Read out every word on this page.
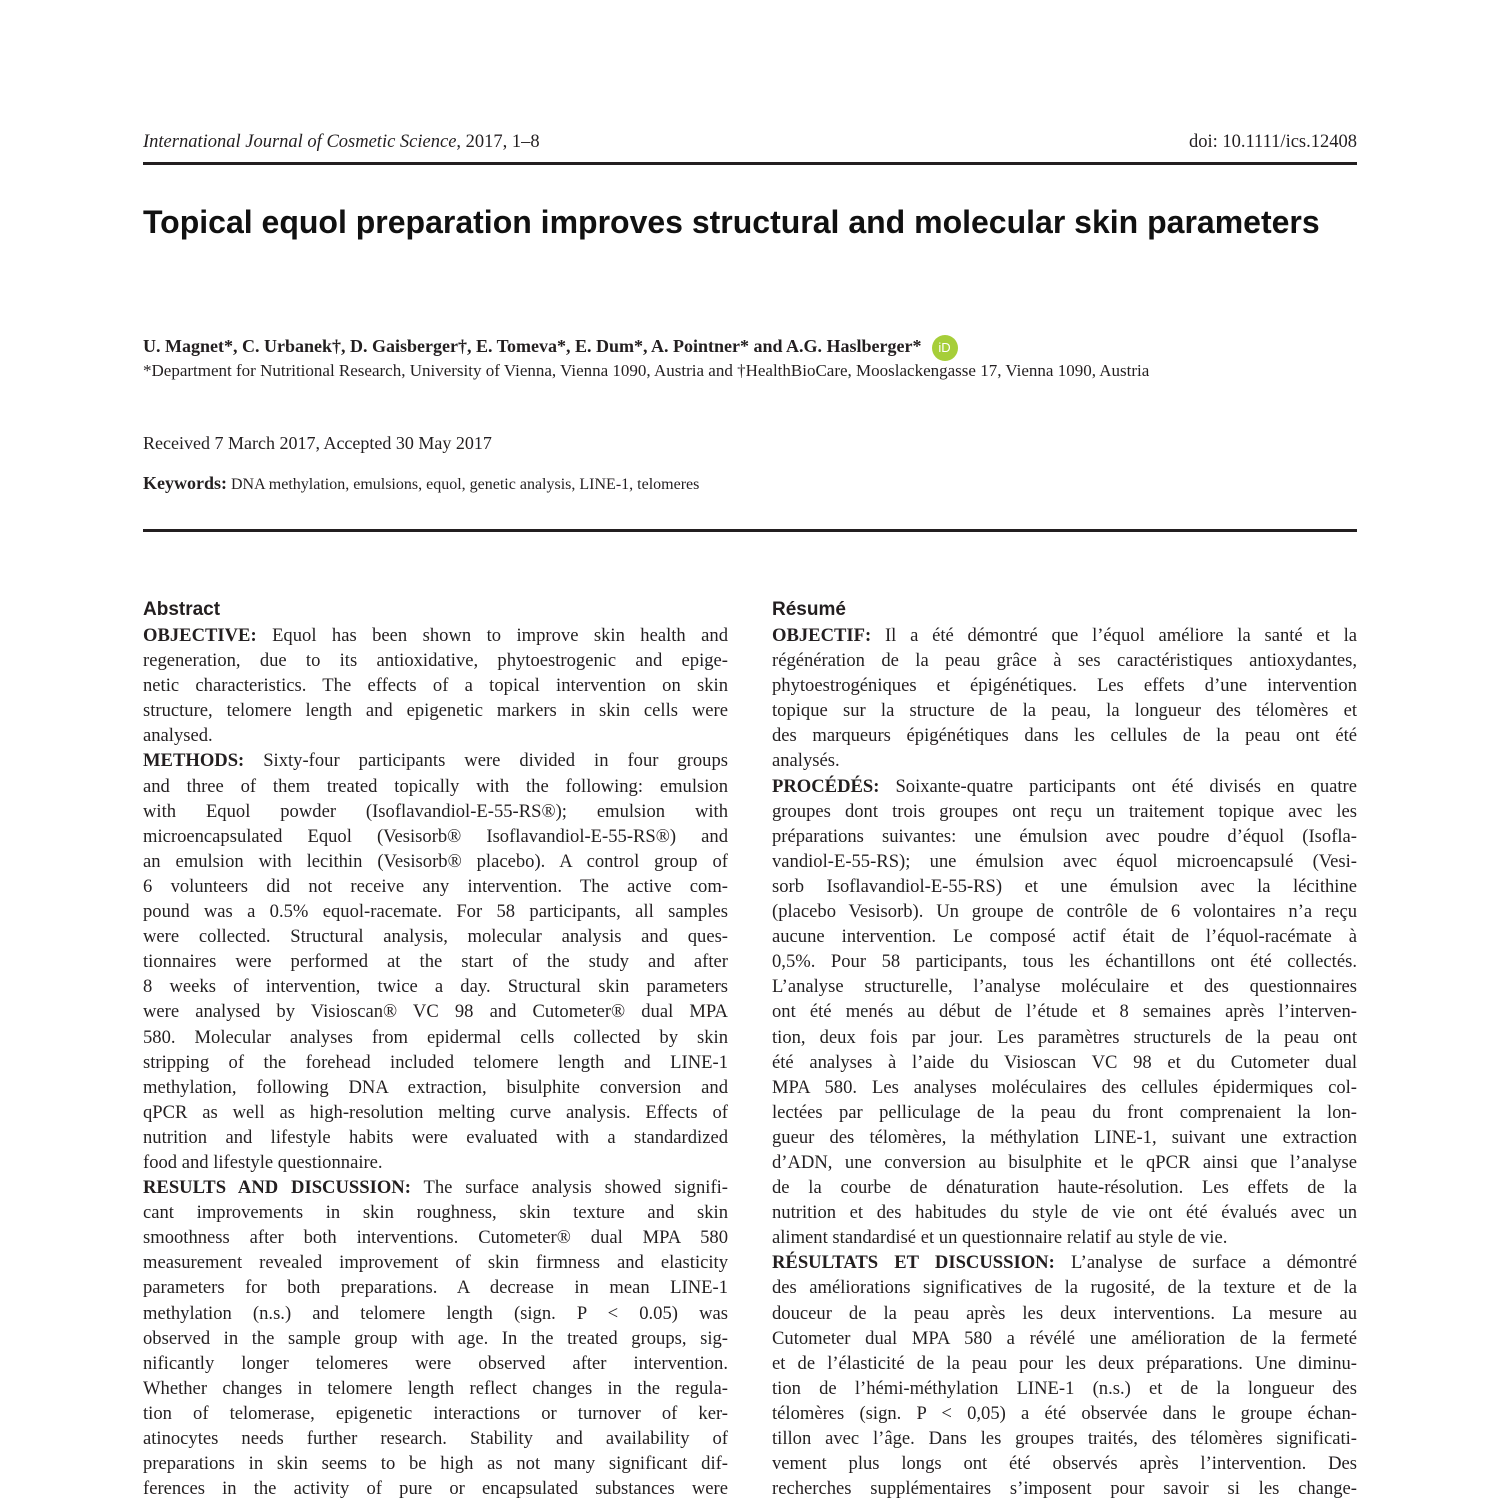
International Journal of Cosmetic Science, 2017, 1–8	doi: 10.1111/ics.12408
Topical equol preparation improves structural and molecular skin parameters
U. Magnet*, C. Urbanek†, D. Gaisberger†, E. Tomeva*, E. Dum*, A. Pointner* and A.G. Haslberger* iD
*Department for Nutritional Research, University of Vienna, Vienna 1090, Austria and †HealthBioCare, Mooslackengasse 17, Vienna 1090, Austria
Received 7 March 2017, Accepted 30 May 2017
Keywords: DNA methylation, emulsions, equol, genetic analysis, LINE-1, telomeres
Abstract
OBJECTIVE: Equol has been shown to improve skin health and
regeneration, due to its antioxidative, phytoestrogenic and epige-
netic characteristics. The effects of a topical intervention on skin
structure, telomere length and epigenetic markers in skin cells were
analysed.
METHODS: Sixty-four participants were divided in four groups
and three of them treated topically with the following: emulsion
with Equol powder (Isoflavandiol-E-55-RS®); emulsion with
microencapsulated Equol (Vesisorb® Isoflavandiol-E-55-RS®) and
an emulsion with lecithin (Vesisorb® placebo). A control group of
6 volunteers did not receive any intervention. The active com-
pound was a 0.5% equol-racemate. For 58 participants, all samples
were collected. Structural analysis, molecular analysis and ques-
tionnaires were performed at the start of the study and after
8 weeks of intervention, twice a day. Structural skin parameters
were analysed by Visioscan® VC 98 and Cutometer® dual MPA
580. Molecular analyses from epidermal cells collected by skin
stripping of the forehead included telomere length and LINE-1
methylation, following DNA extraction, bisulphite conversion and
qPCR as well as high-resolution melting curve analysis. Effects of
nutrition and lifestyle habits were evaluated with a standardized
food and lifestyle questionnaire.
RESULTS AND DISCUSSION: The surface analysis showed signifi-
cant improvements in skin roughness, skin texture and skin
smoothness after both interventions. Cutometer® dual MPA 580
measurement revealed improvement of skin firmness and elasticity
parameters for both preparations. A decrease in mean LINE-1
methylation (n.s.) and telomere length (sign. P < 0.05) was
observed in the sample group with age. In the treated groups, sig-
nificantly longer telomeres were observed after intervention.
Whether changes in telomere length reflect changes in the regula-
tion of telomerase, epigenetic interactions or turnover of ker-
atinocytes needs further research. Stability and availability of
preparations in skin seems to be high as not many significant dif-
ferences in the activity of pure or encapsulated substances were
Résumé
OBJECTIF: Il a été démontré que l’équol améliore la santé et la
régénération de la peau grâce à ses caractéristiques antioxydantes,
phytoestrogéniques et épigénétiques. Les effets d’une intervention
topique sur la structure de la peau, la longueur des télomères et
des marqueurs épigénétiques dans les cellules de la peau ont été
analysés.
PROCÉDÉS: Soixante-quatre participants ont été divisés en quatre
groupes dont trois groupes ont reçu un traitement topique avec les
préparations suivantes: une émulsion avec poudre d’équol (Isofla-
vandiol-E-55-RS); une émulsion avec équol microencapsulé (Vesi-
sorb Isoflavandiol-E-55-RS) et une émulsion avec la lécithine
(placebo Vesisorb). Un groupe de contrôle de 6 volontaires n’a reçu
aucune intervention. Le composé actif était de l’équol-racémate à
0,5%. Pour 58 participants, tous les échantillons ont été collectés.
L’analyse structurelle, l’analyse moléculaire et des questionnaires
ont été menés au début de l’étude et 8 semaines après l’interven-
tion, deux fois par jour. Les paramètres structurels de la peau ont
été analyses à l’aide du Visioscan VC 98 et du Cutometer dual
MPA 580. Les analyses moléculaires des cellules épidermiques col-
lectées par pelliculage de la peau du front comprenaient la lon-
gueur des télomères, la méthylation LINE-1, suivant une extraction
d’ADN, une conversion au bisulphite et le qPCR ainsi que l’analyse
de la courbe de dénaturation haute-résolution. Les effets de la
nutrition et des habitudes du style de vie ont été évalués avec un
aliment standardisé et un questionnaire relatif au style de vie.
RÉSULTATS ET DISCUSSION: L’analyse de surface a démontré
des améliorations significatives de la rugosité, de la texture et de la
douceur de la peau après les deux interventions. La mesure au
Cutometer dual MPA 580 a révélé une amélioration de la fermeté
et de l’élasticité de la peau pour les deux préparations. Une diminu-
tion de l’hémi-méthylation LINE-1 (n.s.) et de la longueur des
télomères (sign. P < 0,05) a été observée dans le groupe échan-
tillon avec l’âge. Dans les groupes traités, des télomères significati-
vement plus longs ont été observés après l’intervention. Des
recherches supplémentaires s’imposent pour savoir si les change-
